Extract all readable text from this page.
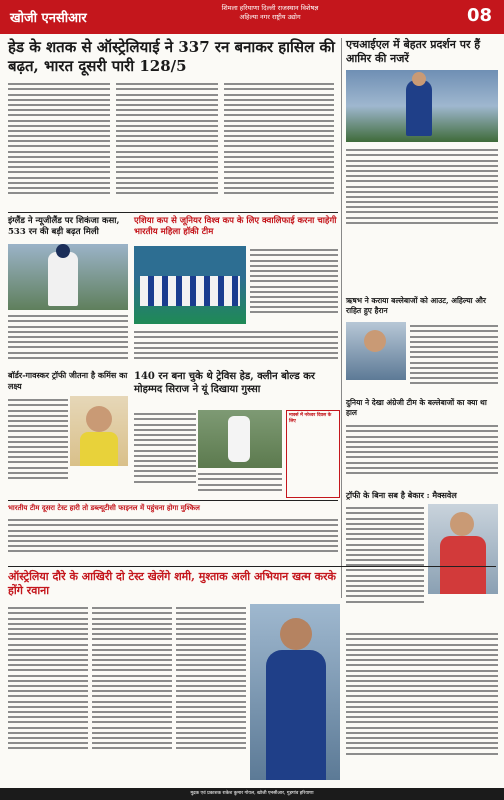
खोजी एनसीआर
शिमला हरियाणा दिल्ली राजस्थान विशेषज्ञ
अहिल्या नगर राष्ट्रीय उद्योग	08
हेड के शतक से ऑस्ट्रेलियाई ने 337 रन बनाकर हासिल की बढ़त, भारत दूसरी पारी 128/5
एचआईएल में बेहतर प्रदर्शन पर हैं आमिर की नजरें
इंग्लैंड ने न्यूजीलैंड पर शिकंजा कसा, 533 रन की बड़ी बढ़त मिली
एशिया कप से जूनियर विश्व कप के लिए क्वालिफाई करना चाहेगी भारतीय महिला हॉकी टीम
ऋषभ ने कराया बल्लेबाजों को आउट, अहिल्या और राहित हुए हैरान
बॉर्डर-गावस्कर ट्रॉफी जीतना है कमिंस का लक्ष्य
140 रन बना चुके थे ट्रेविस हेड, क्लीन बोल्ड कर मोहम्मद सिराज ने यूं दिखाया गुस्सा
मार्क्स में नरेश्वर दिवस के लिए
दुनिया ने देखा अंग्रेजी टीम के बल्लेबाजों का क्या था हाल
ट्रॉफी के बिना सब है बेकार : मैक्सवेल
भारतीय टीम दूसरा टेस्ट हारी तो डब्ल्यूटीसी फाइनल में पहुंचना होगा मुश्किल
ऑस्ट्रेलिया दौरे के आखिरी दो टेस्ट खेलेंगे शमी, मुश्ताक अली अभियान खत्म करके होंगे रवाना
मुद्रक एवं प्रकाशक राकेश कुमार गोयल, खोजी एनसीआर, गुड़गांव हरियाणा
